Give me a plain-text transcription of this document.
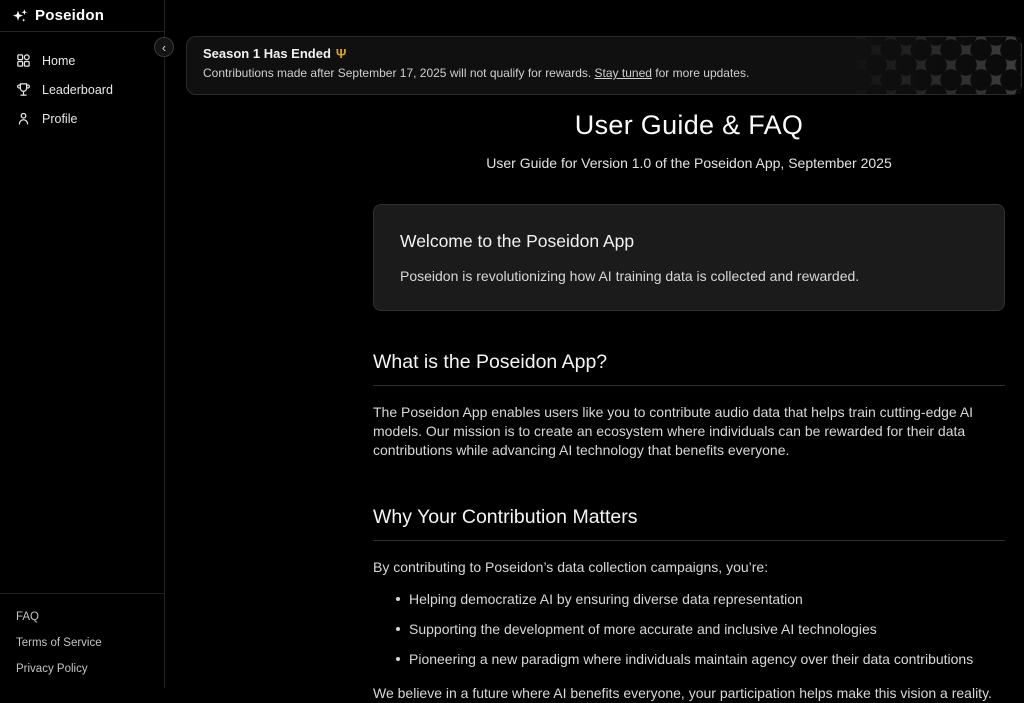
Poseidon
Home
Leaderboard
Profile
FAQ
Terms of Service
Privacy Policy
‹	Season 1 Has Ended Ψ
Contributions made after September 17, 2025 will not qualify for rewards. Stay tuned for more updates.
User Guide & FAQ

User Guide for Version 1.0 of the Poseidon App, September 2025

Welcome to the Poseidon App

Poseidon is revolutionizing how AI training data is collected and rewarded.

What is the Poseidon App?

The Poseidon App enables users like you to contribute audio data that helps train cutting-edge AI models. Our mission is to create an ecosystem where individuals can be rewarded for their data contributions while advancing AI technology that benefits everyone.

Why Your Contribution Matters

By contributing to Poseidon’s data collection campaigns, you’re:

Helping democratize AI by ensuring diverse data representation
Supporting the development of more accurate and inclusive AI technologies
Pioneering a new paradigm where individuals maintain agency over their data contributions

We believe in a future where AI benefits everyone, your participation helps make this vision a reality.
